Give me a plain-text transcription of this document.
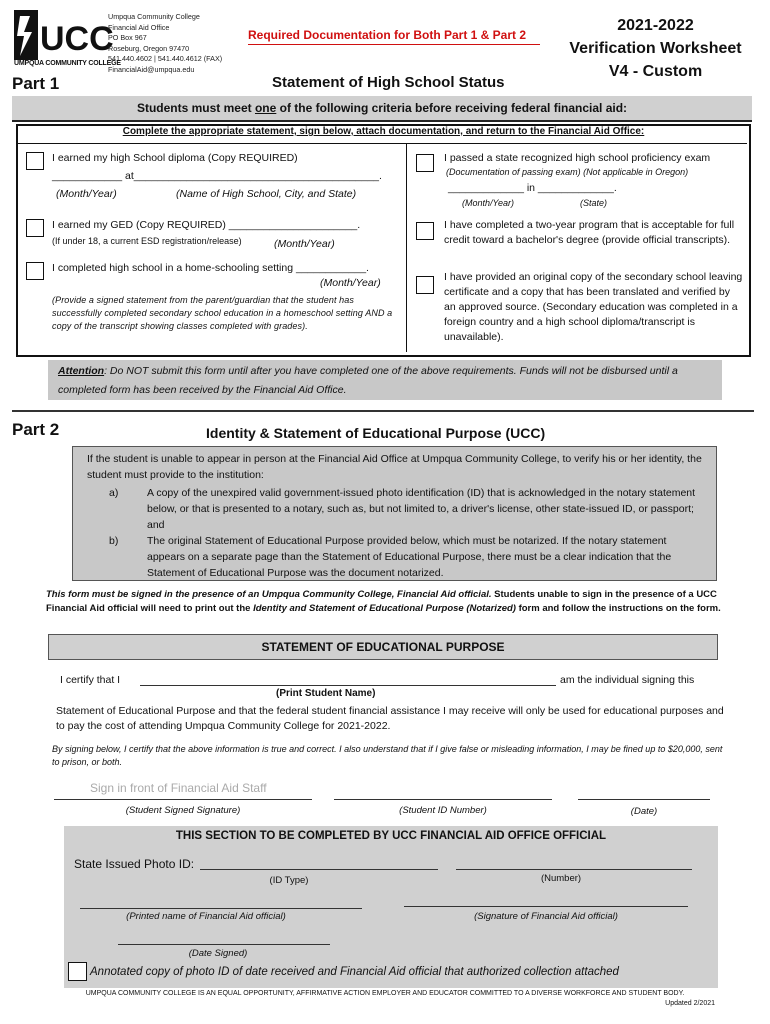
UCC
UMPQUA COMMUNITY COLLEGE
Umpqua Community College
Financial Aid Office
PO Box 967
Roseburg, Oregon 97470
541.440.4602 | 541.440.4612 (FAX)
FinancialAid@umpqua.edu
Required Documentation for Both Part 1 & Part 2
2021-2022
Verification Worksheet
V4 - Custom
Part 1	Statement of High School Status
Students must meet one of the following criteria before receiving federal financial aid:
Complete the appropriate statement, sign below, attach documentation, and return to the Financial Aid Office:
I earned my high School diploma (Copy REQUIRED)
____________ at__________________________________________.
(Month/Year)	(Name of High School, City, and State)
I earned my GED (Copy REQUIRED) ______________________.
(If under 18, a current ESD registration/release)	(Month/Year)
I completed high school in a home-schooling setting ____________.
(Month/Year)
(Provide a signed statement from the parent/guardian that the student has successfully completed secondary school education in a homeschool setting AND a copy of the transcript showing classes completed with grades).
I passed a state recognized high school proficiency exam
(Documentation of passing exam) (Not applicable in Oregon)
_____________ in _____________.
(Month/Year)	(State)
I have completed a two-year program that is acceptable for full credit toward a bachelor's degree (provide official transcripts).
I have provided an original copy of the secondary school leaving certificate and a copy that has been translated and verified by an approved source. (Secondary education was completed in a foreign country and a high school diploma/transcript is unavailable).
Attention: Do NOT submit this form until after you have completed one of the above requirements. Funds will not be disbursed until a completed form has been received by the Financial Aid Office.
Part 2	Identity & Statement of Educational Purpose (UCC)
If the student is unable to appear in person at the Financial Aid Office at Umpqua Community College, to verify his or her identity, the student must provide to the institution:
a)	A copy of the unexpired valid government-issued photo identification (ID) that is acknowledged in the notary statement below, or that is presented to a notary, such as, but not limited to, a driver's license, other state-issued ID, or passport; and
b)	The original Statement of Educational Purpose provided below, which must be notarized. If the notary statement appears on a separate page than the Statement of Educational Purpose, there must be a clear indication that the Statement of Educational Purpose was the document notarized.
This form must be signed in the presence of an Umpqua Community College, Financial Aid official. Students unable to sign in the presence of a UCC Financial Aid official will need to print out the Identity and Statement of Educational Purpose (Notarized) form and follow the instructions on the form.
STATEMENT OF EDUCATIONAL PURPOSE
I certify that I	am the individual signing this
(Print Student Name)
Statement of Educational Purpose and that the federal student financial assistance I may receive will only be used for educational purposes and to pay the cost of attending Umpqua Community College for 2021-2022.
By signing below, I certify that the above information is true and correct. I also understand that if I give false or misleading information, I may be fined up to $20,000, sent to prison, or both.
Sign in front of Financial Aid Staff
(Student Signed Signature)	(Student ID Number)	(Date)
THIS SECTION TO BE COMPLETED BY UCC FINANCIAL AID OFFICE OFFICIAL
State Issued Photo ID:
(ID Type)	(Number)
(Printed name of Financial Aid official)	(Signature of Financial Aid official)
(Date Signed)
Annotated copy of photo ID of date received and Financial Aid official that authorized collection attached
UMPQUA COMMUNITY COLLEGE IS AN EQUAL OPPORTUNITY, AFFIRMATIVE ACTION EMPLOYER AND EDUCATOR COMMITTED TO A DIVERSE WORKFORCE AND STUDENT BODY.
Updated 2/2021
